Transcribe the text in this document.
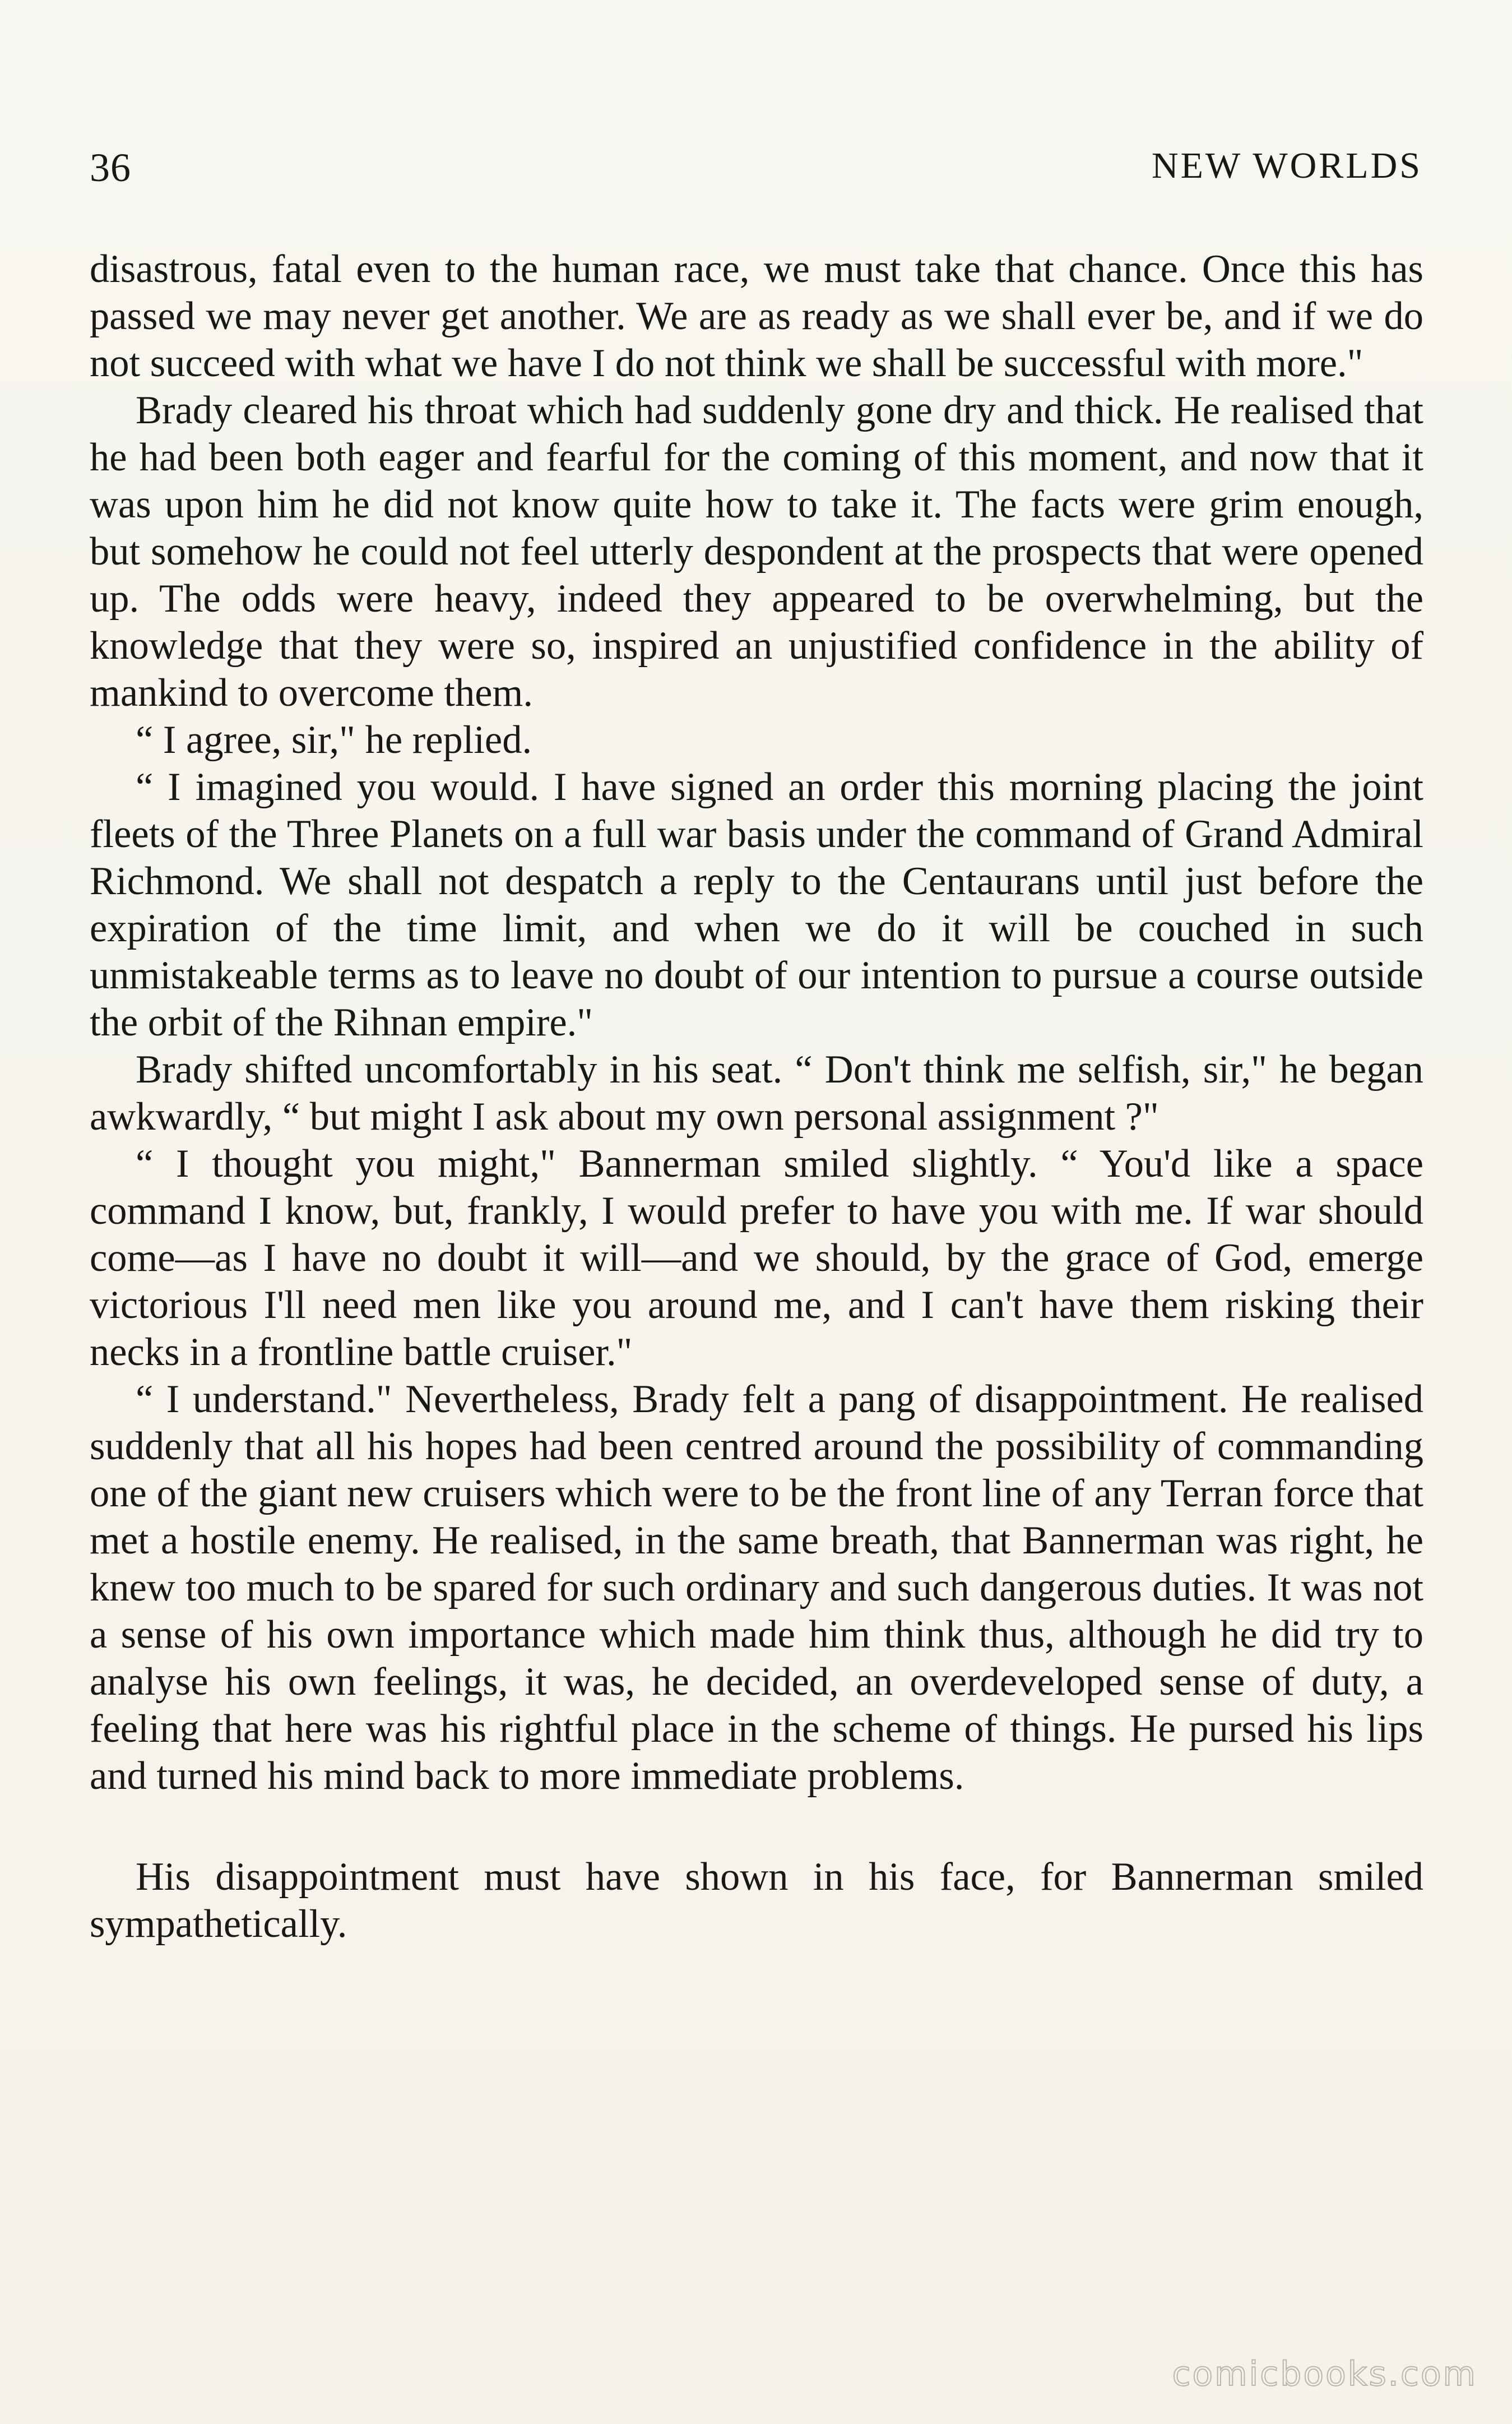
36	NEW WORLDS

disastrous, fatal even to the human race, we must take that chance. Once this has passed we may never get another. We are as ready as we shall ever be, and if we do not succeed with what we have I do not think we shall be successful with more."

Brady cleared his throat which had suddenly gone dry and thick. He realised that he had been both eager and fearful for the coming of this moment, and now that it was upon him he did not know quite how to take it. The facts were grim enough, but somehow he could not feel utterly despondent at the prospects that were opened up. The odds were heavy, indeed they appeared to be overwhelming, but the knowledge that they were so, inspired an unjustified confidence in the ability of mankind to overcome them.

“ I agree, sir," he replied.

“ I imagined you would. I have signed an order this morning placing the joint fleets of the Three Planets on a full war basis under the command of Grand Admiral Richmond. We shall not despatch a reply to the Centaurans until just before the expiration of the time limit, and when we do it will be couched in such unmistakeable terms as to leave no doubt of our intention to pursue a course outside the orbit of the Rihnan empire."

Brady shifted uncomfortably in his seat. “ Don't think me selfish, sir," he began awkwardly, “ but might I ask about my own personal assignment ?"

“ I thought you might," Bannerman smiled slightly. “ You'd like a space command I know, but, frankly, I would prefer to have you with me. If war should come—as I have no doubt it will—and we should, by the grace of God, emerge victorious I'll need men like you around me, and I can't have them risking their necks in a frontline battle cruiser."

“ I understand." Nevertheless, Brady felt a pang of disappointment. He realised suddenly that all his hopes had been centred around the possibility of commanding one of the giant new cruisers which were to be the front line of any Terran force that met a hostile enemy. He realised, in the same breath, that Bannerman was right, he knew too much to be spared for such ordinary and such dangerous duties. It was not a sense of his own importance which made him think thus, although he did try to analyse his own feelings, it was, he decided, an overdeveloped sense of duty, a feeling that here was his rightful place in the scheme of things. He pursed his lips and turned his mind back to more immediate problems.

His disappointment must have shown in his face, for Bannerman smiled sympathetically.

comicbooks.com
